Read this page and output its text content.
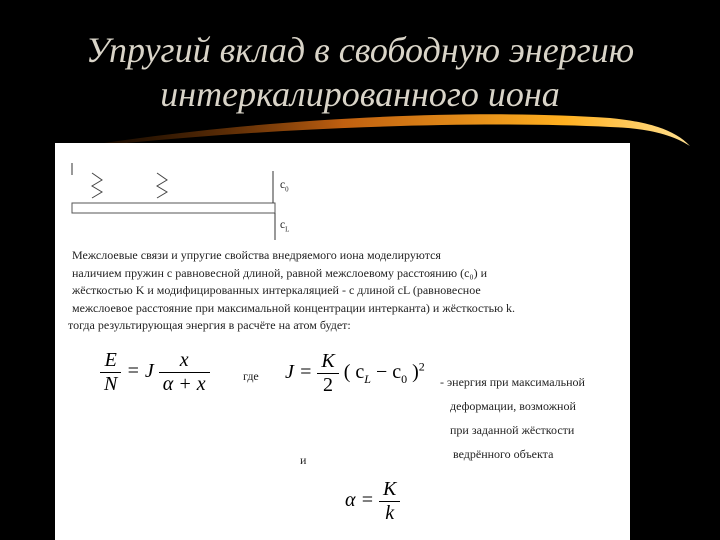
Упругий вклад в свободную энергию
интеркалированного иона
$c_0$
$c_L$
Межслоевые связи и упругие свойства внедряемого иона моделируются
наличием пружин с равновесной длиной, равной межслоевому расстоянию (c₀) и
жёсткостью K и модифицированных интеркаляцией - с длиной cL (равновесное
межслоевое расстояние при максимальной концентрации интерканта) и жёсткостью k.
тогда результирующая энергия в расчёте на атом будет:
$\frac{E}{N} = J \frac{x}{\alpha + x}$	где $J = \frac{K}{2}$ ( $c_L - c_0$ )$^2$
- энергия при максимальной
деформации, возможной
при заданной жёсткости
ведрённого объекта
и
$\alpha = \frac{K}{k}$
